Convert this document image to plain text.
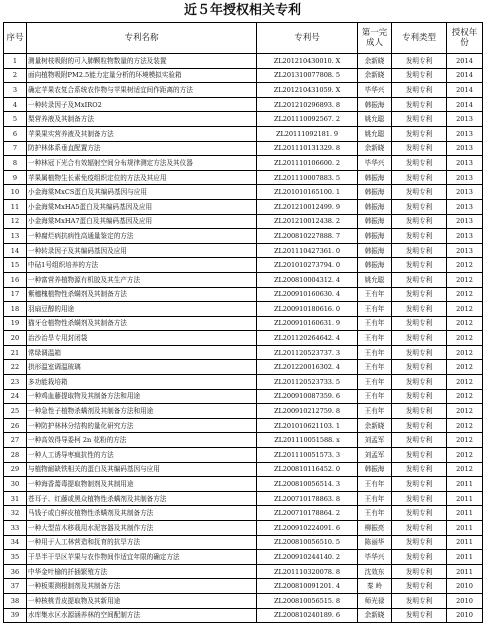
近５年授权相关专利
序号	专利名称	专利号	第一完成人	专利类型	授权年份
1	测量树枝吸附的可入肺颗粒物数量的方法及装置	ZL201210430010. X	余新晓	发明专利	2014
2	面向植物吸附PM2.5能力定量分析的环境模拟实验箱	ZL201310077808. 5	余新晓	发明专利	2014
3	确定苹果农复合系统农作物与苹果树适宜间作距离的方法	ZL201210431059. X	毕华兴	发明专利	2014
4	一种转录因子及MxIRO2	ZL201210296893. 8	韩振海	发明专利	2014
5	梨营养液及其制备方法	ZL201110092567. 2	姚允聪	发明专利	2013
6	苹果果实营养液及其制备方法	ZL20111092181. 9	姚允聪	发明专利	2013
7	防护林体系垂直配置方法	ZL201110131329. 8	余新晓	发明专利	2013
8	一种林冠下光合有效辐射空间分布规律测定方法及其仪器	ZL201110106600. 2	毕华兴	发明专利	2013
9	苹果属植物生长素免疫组织定位的方法及其应用	ZL201110007883. 5	韩振海	发明专利	2013
10	小金海棠MxCS蛋白及其编码基因与应用	ZL201010165100. 1	韩振海	发明专利	2013
11	小金海棠MxHA5蛋白及其编码基因及应用	ZL201210012499. 9	韩振海	发明专利	2013
12	小金海棠MxHA7蛋白及其编码基因及应用	ZL201210012438. 2	韩振海	发明专利	2013
13	一种腐烂病抗病性高通量鉴定的方法	ZL200810227888. 7	韩振海	发明专利	2013
14	一种转录因子及其编码基因及应用	ZL201110427361. 0	韩振海	发明专利	2013
15	中砧1号组织培养的方法	ZL201010273794. 0	韩振海	发明专利	2012
16	一种富营养植物源有机胶及其生产方法	ZL200810004312. 4	姚允聪	发明专利	2012
17	紫穗槐植物性杀螨剂及其制备方法	ZL200910160630. 4	王有年	发明专利	2012
18	羽扇豆醇的用途	ZL200910180616. 0	王有年	发明专利	2012
19	猫牙仓植物性杀螨剂及其制备方法	ZL200910160631. 9	王有年	发明专利	2012
20	治沙治旱专用封闭袋	ZL201120264642. 4	王有年	发明专利	2012
21	常绿调温箱	ZL201120523737. 3	王有年	发明专利	2012
22	拱形温室调温玻璃	ZL201220016302. 4	王有年	发明专利	2012
23	多功能栽培箱	ZL201120523733. 5	王有年	发明专利	2012
24	一种鸡血藤提取物及其制备方法和用途	ZL200910087359. 6	王有年	发明专利	2012
25	一种急性子植物杀螨剂及其制备方法和用途	ZL200910212759. 8	王有年	发明专利	2012
26	一种防护林林分结构的量化研究方法	ZL201010621103. 1	余新晓	发明专利	2012
27	一种高效得导委柯 2n 花粉的方法	ZL201110051588. x	刘孟军	发明专利	2012
28	一种人工诱导枣疯抗性的方法	ZL201110051573. 3	刘孟军	发明专利	2012
29	与植物耐缺铁相关的蛋白及其编码基因与应用	ZL200810116452. 0	韩振海	发明专利	2012
30	一种海香薷毒提取物制剂及其制用途	ZL200810056514. 3	王有年	发明专利	2011
31	苍耳子、红藤或黑众植物性杀螨剂及其制备方法	ZL200710178863. 8	王有年	发明专利	2011
32	马钱子或白鲜皮植物性杀螨剂及其制备方法	ZL200710178864. 2	王有年	发明专利	2011
33	一种大型苗木移栽用水泥容器及其制作方法	ZL200910224091. 6	柳振亮	发明专利	2011
34	一种用于人工林营造和抚育的抗旱方法	ZL200810056510. 5	陈丽华	发明专利	2011
35	干旱半干旱区苹果与农作物间作适宜年限的确定方法	ZL200910244140. 2	毕华兴	发明专利	2011
36	中华金叶榆的扦插繁殖方法	ZL201110320078. 8	沈效东	发明专利	2011
37	一种板栗测根制剂及其制备方法	ZL200810091201. 4	秦 岭	发明专利	2010
38	一种核桃青皮提取物及其新用途	ZL200810056515. 8	师光禄	发明专利	2010
39	水库集水区水源涵养林的空间配制方法	ZL200810240189. 6	余新晓	发明专利	2010
